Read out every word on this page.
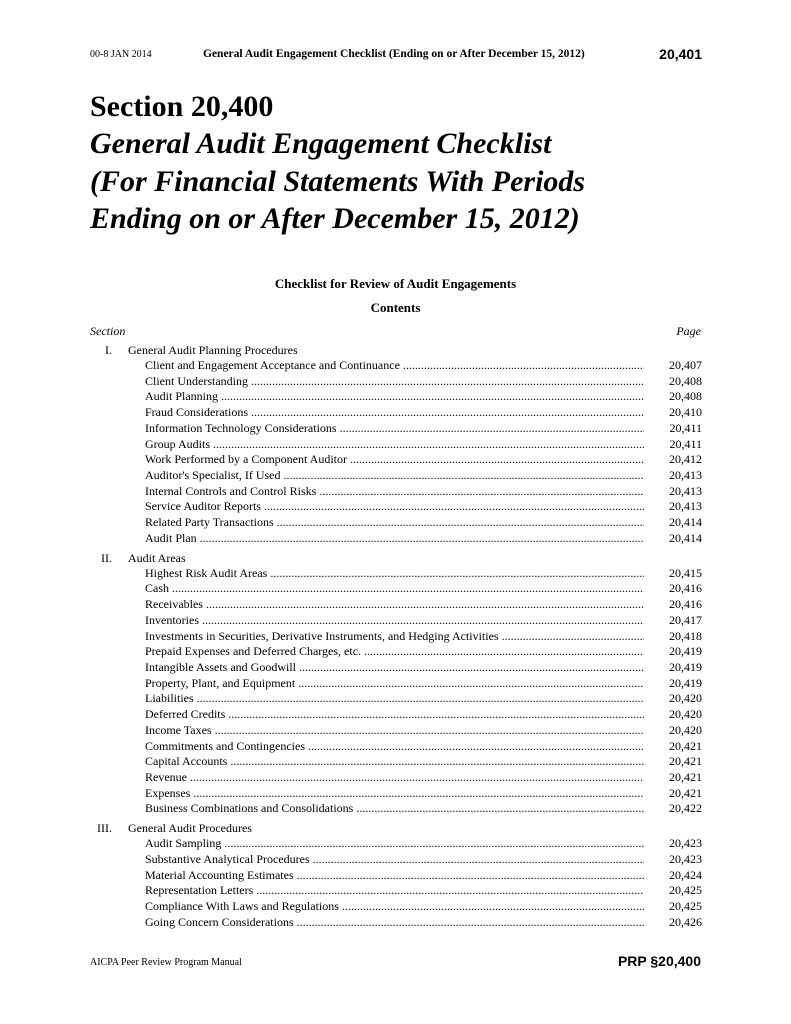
00-8 JAN 2014	General Audit Engagement Checklist (Ending on or After December 15, 2012)	20,401
Section 20,400
General Audit Engagement Checklist
(For Financial Statements With Periods
Ending on or After December 15, 2012)
Checklist for Review of Audit Engagements
Contents
Section	Page
I. General Audit Planning Procedures
Client and Engagement Acceptance and Continuance .....	20,407
Client Understanding .....	20,408
Audit Planning .....	20,408
Fraud Considerations .....	20,410
Information Technology Considerations .....	20,411
Group Audits .....	20,411
Work Performed by a Component Auditor .....	20,412
Auditor's Specialist, If Used .....	20,413
Internal Controls and Control Risks .....	20,413
Service Auditor Reports .....	20,413
Related Party Transactions .....	20,414
Audit Plan .....	20,414
II. Audit Areas
Highest Risk Audit Areas .....	20,415
Cash .....	20,416
Receivables .....	20,416
Inventories .....	20,417
Investments in Securities, Derivative Instruments, and Hedging Activities .....	20,418
Prepaid Expenses and Deferred Charges, etc. .....	20,419
Intangible Assets and Goodwill .....	20,419
Property, Plant, and Equipment .....	20,419
Liabilities .....	20,420
Deferred Credits .....	20,420
Income Taxes .....	20,420
Commitments and Contingencies .....	20,421
Capital Accounts .....	20,421
Revenue .....	20,421
Expenses .....	20,421
Business Combinations and Consolidations .....	20,422
III. General Audit Procedures
Audit Sampling .....	20,423
Substantive Analytical Procedures .....	20,423
Material Accounting Estimates .....	20,424
Representation Letters .....	20,425
Compliance With Laws and Regulations .....	20,425
Going Concern Considerations .....	20,426
AICPA Peer Review Program Manual	PRP §20,400
